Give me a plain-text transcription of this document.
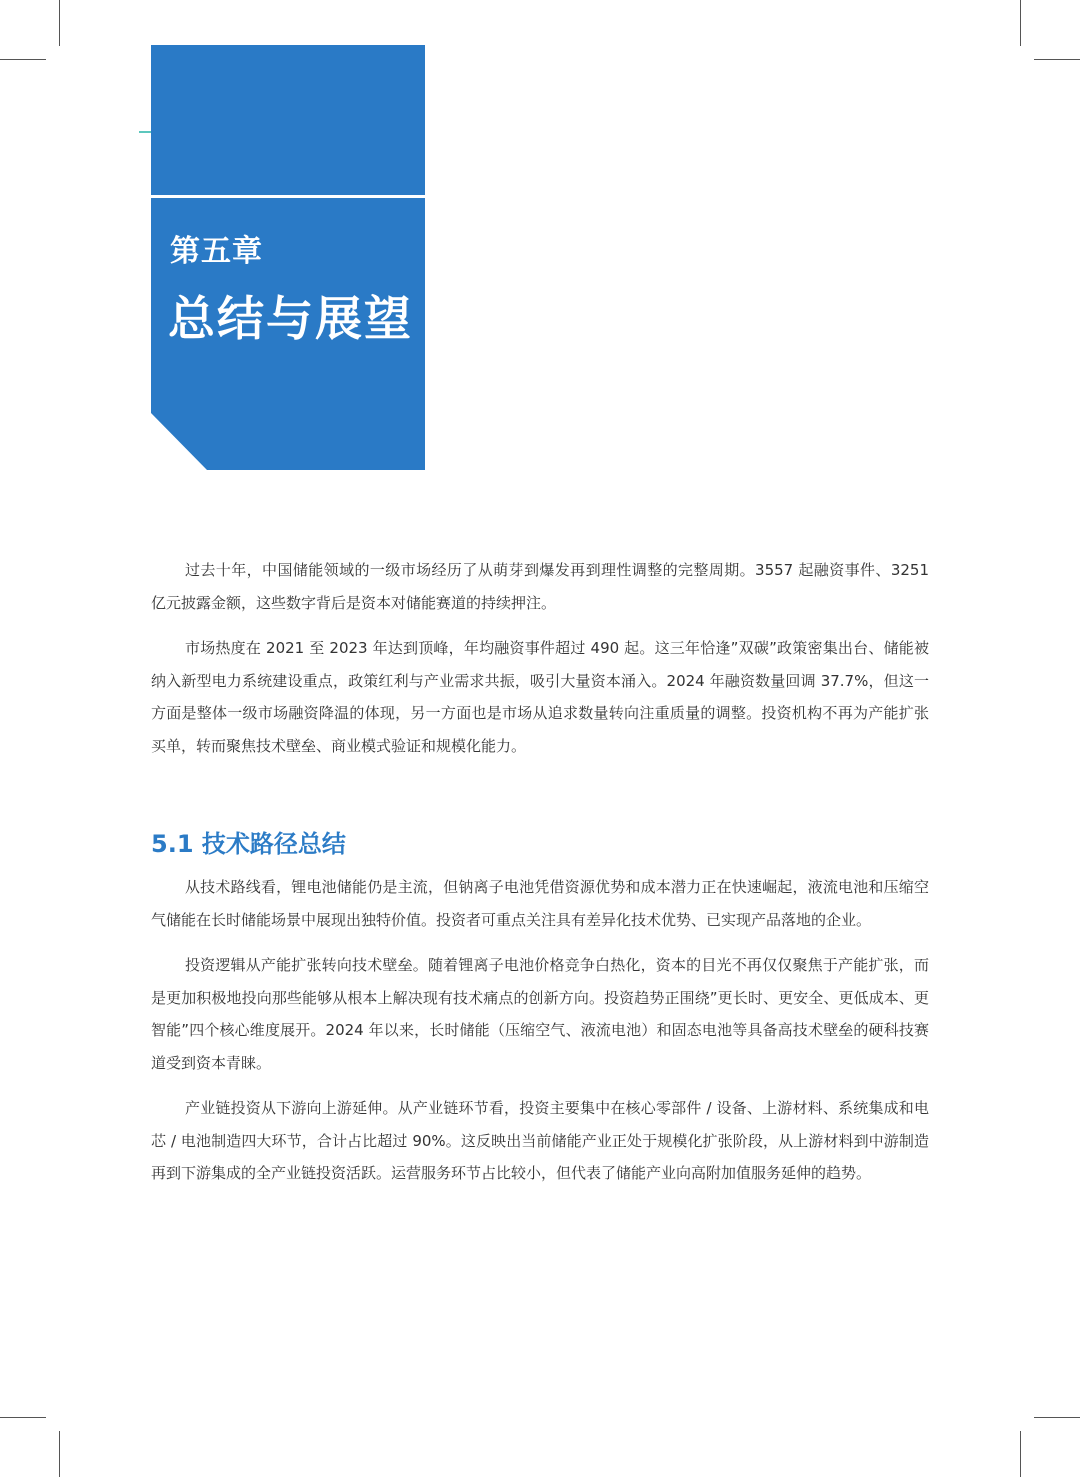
第五章
总结与展望

过去十年，中国储能领域的一级市场经历了从萌芽到爆发再到理性调整的完整周期。3557 起融资事件、3251 亿元披露金额，这些数字背后是资本对储能赛道的持续押注。

市场热度在 2021 至 2023 年达到顶峰，年均融资事件超过 490 起。这三年恰逢”双碳”政策密集出台、储能被纳入新型电力系统建设重点，政策红利与产业需求共振，吸引大量资本涌入。2024 年融资数量回调 37.7%，但这一方面是整体一级市场融资降温的体现，另一方面也是市场从追求数量转向注重质量的调整。投资机构不再为产能扩张买单，转而聚焦技术壁垒、商业模式验证和规模化能力。

5.1 技术路径总结

从技术路线看，锂电池储能仍是主流，但钠离子电池凭借资源优势和成本潜力正在快速崛起，液流电池和压缩空气储能在长时储能场景中展现出独特价值。投资者可重点关注具有差异化技术优势、已实现产品落地的企业。

投资逻辑从产能扩张转向技术壁垒。随着锂离子电池价格竞争白热化，资本的目光不再仅仅聚焦于产能扩张，而是更加积极地投向那些能够从根本上解决现有技术痛点的创新方向。投资趋势正围绕”更长时、更安全、更低成本、更智能”四个核心维度展开。2024 年以来，长时储能（压缩空气、液流电池）和固态电池等具备高技术壁垒的硬科技赛道受到资本青睐。

产业链投资从下游向上游延伸。从产业链环节看，投资主要集中在核心零部件 / 设备、上游材料、系统集成和电芯 / 电池制造四大环节，合计占比超过 90%。这反映出当前储能产业正处于规模化扩张阶段，从上游材料到中游制造再到下游集成的全产业链投资活跃。运营服务环节占比较小，但代表了储能产业向高附加值服务延伸的趋势。
